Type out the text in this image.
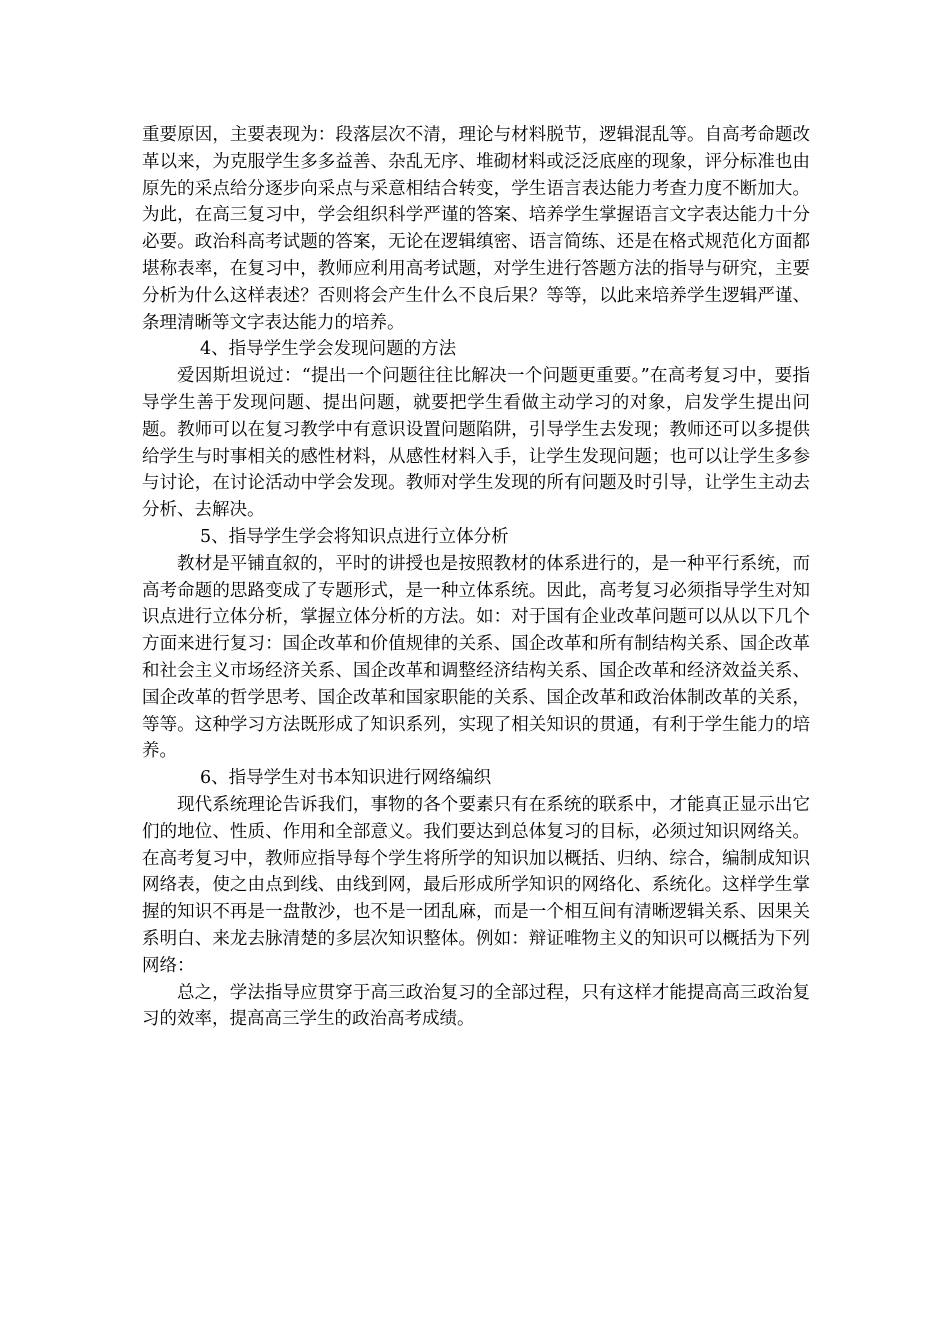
重要原因，主要表现为：段落层次不清，理论与材料脱节，逻辑混乱等。自高考命题改革以来，为克服学生多多益善、杂乱无序、堆砌材料或泛泛底座的现象，评分标准也由原先的采点给分逐步向采点与采意相结合转变，学生语言表达能力考查力度不断加大。为此，在高三复习中，学会组织科学严谨的答案、培养学生掌握语言文字表达能力十分必要。政治科高考试题的答案，无论在逻辑缜密、语言简练、还是在格式规范化方面都堪称表率，在复习中，教师应利用高考试题，对学生进行答题方法的指导与研究，主要分析为什么这样表述？否则将会产生什么不良后果？等等，以此来培养学生逻辑严谨、条理清晰等文字表达能力的培养。

4、指导学生学会发现问题的方法

爱因斯坦说过：“提出一个问题往往比解决一个问题更重要。”在高考复习中，要指导学生善于发现问题、提出问题，就要把学生看做主动学习的对象，启发学生提出问题。教师可以在复习教学中有意识设置问题陷阱，引导学生去发现；教师还可以多提供给学生与时事相关的感性材料，从感性材料入手，让学生发现问题；也可以让学生多参与讨论，在讨论活动中学会发现。教师对学生发现的所有问题及时引导，让学生主动去分析、去解决。

5、指导学生学会将知识点进行立体分析

教材是平铺直叙的，平时的讲授也是按照教材的体系进行的，是一种平行系统，而高考命题的思路变成了专题形式，是一种立体系统。因此，高考复习必须指导学生对知识点进行立体分析，掌握立体分析的方法。如：对于国有企业改革问题可以从以下几个方面来进行复习：国企改革和价值规律的关系、国企改革和所有制结构关系、国企改革和社会主义市场经济关系、国企改革和调整经济结构关系、国企改革和经济效益关系、国企改革的哲学思考、国企改革和国家职能的关系、国企改革和政治体制改革的关系，等等。这种学习方法既形成了知识系列，实现了相关知识的贯通，有利于学生能力的培养。

6、指导学生对书本知识进行网络编织

现代系统理论告诉我们，事物的各个要素只有在系统的联系中，才能真正显示出它们的地位、性质、作用和全部意义。我们要达到总体复习的目标，必须过知识网络关。在高考复习中，教师应指导每个学生将所学的知识加以概括、归纳、综合，编制成知识网络表，使之由点到线、由线到网，最后形成所学知识的网络化、系统化。这样学生掌握的知识不再是一盘散沙，也不是一团乱麻，而是一个相互间有清晰逻辑关系、因果关系明白、来龙去脉清楚的多层次知识整体。例如：辩证唯物主义的知识可以概括为下列网络：

总之，学法指导应贯穿于高三政治复习的全部过程，只有这样才能提高高三政治复习的效率，提高高三学生的政治高考成绩。
